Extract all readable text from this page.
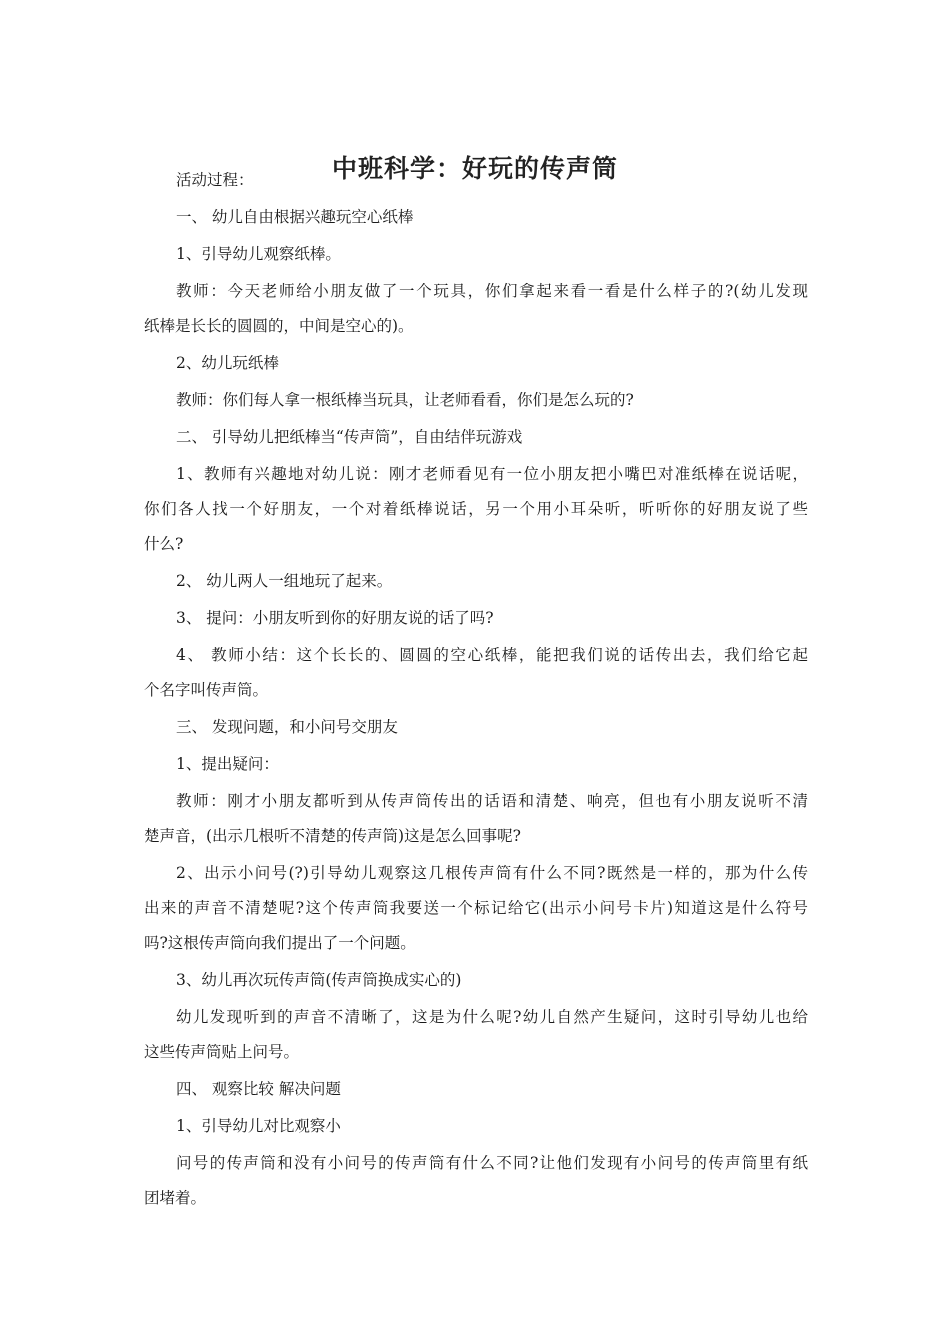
中班科学：好玩的传声筒

活动过程：

一、 幼儿自由根据兴趣玩空心纸棒

1、引导幼儿观察纸棒。

教师：今天老师给小朋友做了一个玩具，你们拿起来看一看是什么样子的?(幼儿发现

纸棒是长长的圆圆的，中间是空心的)。

2、幼儿玩纸棒

教师：你们每人拿一根纸棒当玩具，让老师看看，你们是怎么玩的?

二、 引导幼儿把纸棒当“传声筒”，自由结伴玩游戏

1、教师有兴趣地对幼儿说：刚才老师看见有一位小朋友把小嘴巴对准纸棒在说话呢，

你们各人找一个好朋友，一个对着纸棒说话，另一个用小耳朵听，听听你的好朋友说了些

什么?

2、 幼儿两人一组地玩了起来。

3、 提问：小朋友听到你的好朋友说的话了吗?

4、 教师小结：这个长长的、圆圆的空心纸棒，能把我们说的话传出去，我们给它起

个名字叫传声筒。

三、 发现问题，和小问号交朋友

1、提出疑问：

教师：刚才小朋友都听到从传声筒传出的话语和清楚、响亮，但也有小朋友说听不清

楚声音，(出示几根听不清楚的传声筒)这是怎么回事呢?

2、出示小问号(?)引导幼儿观察这几根传声筒有什么不同?既然是一样的，那为什么传

出来的声音不清楚呢?这个传声筒我要送一个标记给它(出示小问号卡片)知道这是什么符号

吗?这根传声筒向我们提出了一个问题。

3、幼儿再次玩传声筒(传声筒换成实心的)

幼儿发现听到的声音不清晰了，这是为什么呢?幼儿自然产生疑问，这时引导幼儿也给

这些传声筒贴上问号。

四、 观察比较 解决问题

1、引导幼儿对比观察小

问号的传声筒和没有小问号的传声筒有什么不同?让他们发现有小问号的传声筒里有纸

团堵着。
